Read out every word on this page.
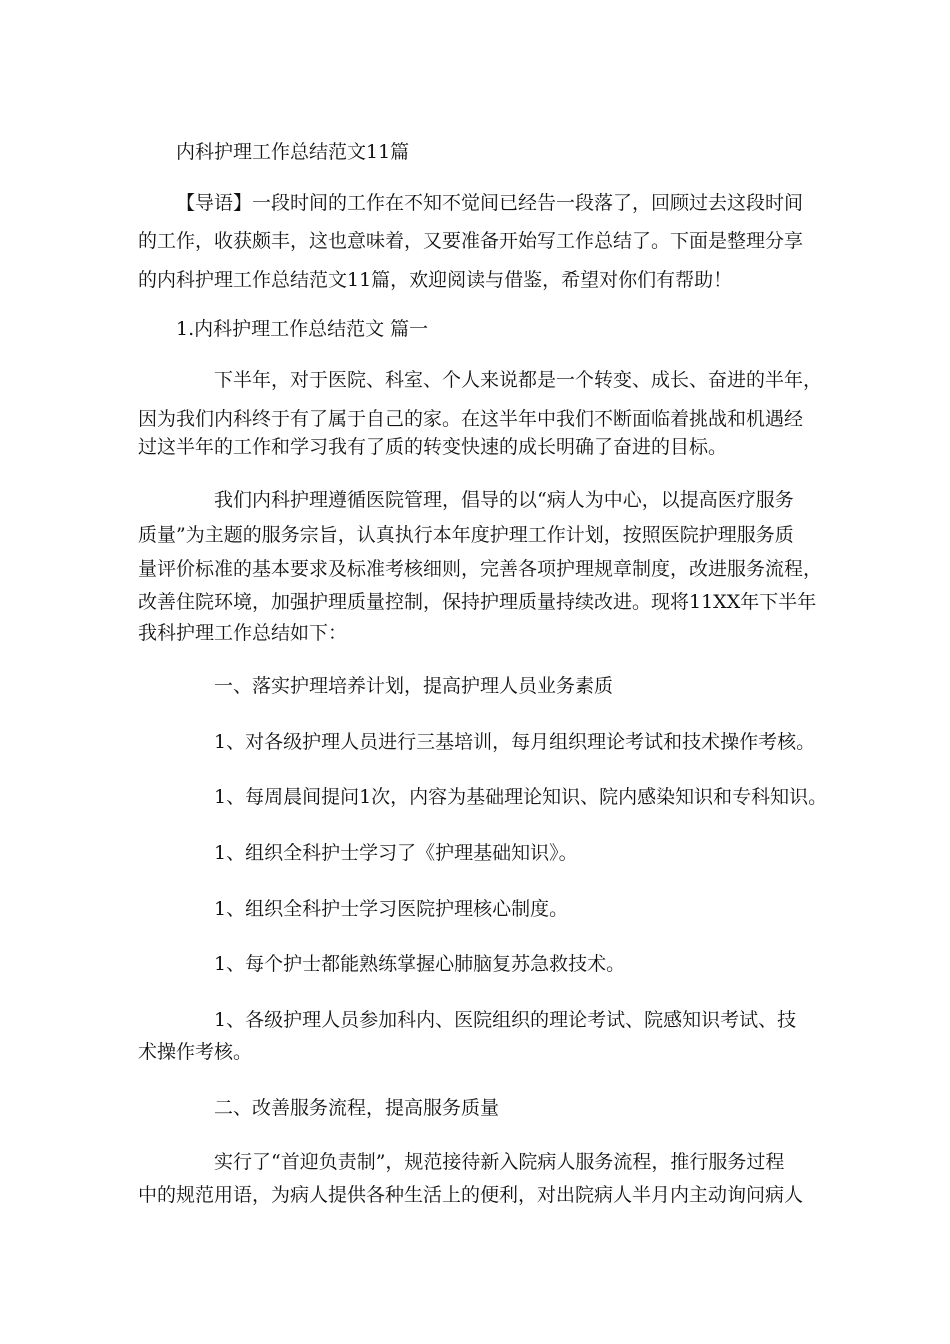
内科护理工作总结范文11篇
【导语】一段时间的工作在不知不觉间已经告一段落了，回顾过去这段时间
的工作，收获颇丰，这也意味着，又要准备开始写工作总结了。下面是整理分享
的内科护理工作总结范文11篇，欢迎阅读与借鉴，希望对你们有帮助！
1.内科护理工作总结范文 篇一
下半年，对于医院、科室、个人来说都是一个转变、成长、奋进的半年，
因为我们内科终于有了属于自己的家。在这半年中我们不断面临着挑战和机遇经
过这半年的工作和学习我有了质的转变快速的成长明确了奋进的目标。
我们内科护理遵循医院管理，倡导的以“病人为中心，以提高医疗服务
质量”为主题的服务宗旨，认真执行本年度护理工作计划，按照医院护理服务质
量评价标准的基本要求及标准考核细则，完善各项护理规章制度，改进服务流程，
改善住院环境，加强护理质量控制，保持护理质量持续改进。现将11XX年下半年
我科护理工作总结如下：
一、落实护理培养计划，提高护理人员业务素质
1、对各级护理人员进行三基培训，每月组织理论考试和技术操作考核。
1、每周晨间提问1次，内容为基础理论知识、院内感染知识和专科知识。
1、组织全科护士学习了《护理基础知识》。
1、组织全科护士学习医院护理核心制度。
1、每个护士都能熟练掌握心肺脑复苏急救技术。
1、各级护理人员参加科内、医院组织的理论考试、院感知识考试、技
术操作考核。
二、改善服务流程，提高服务质量
实行了“首迎负责制”，规范接待新入院病人服务流程，推行服务过程
中的规范用语，为病人提供各种生活上的便利，对出院病人半月内主动询问病人
